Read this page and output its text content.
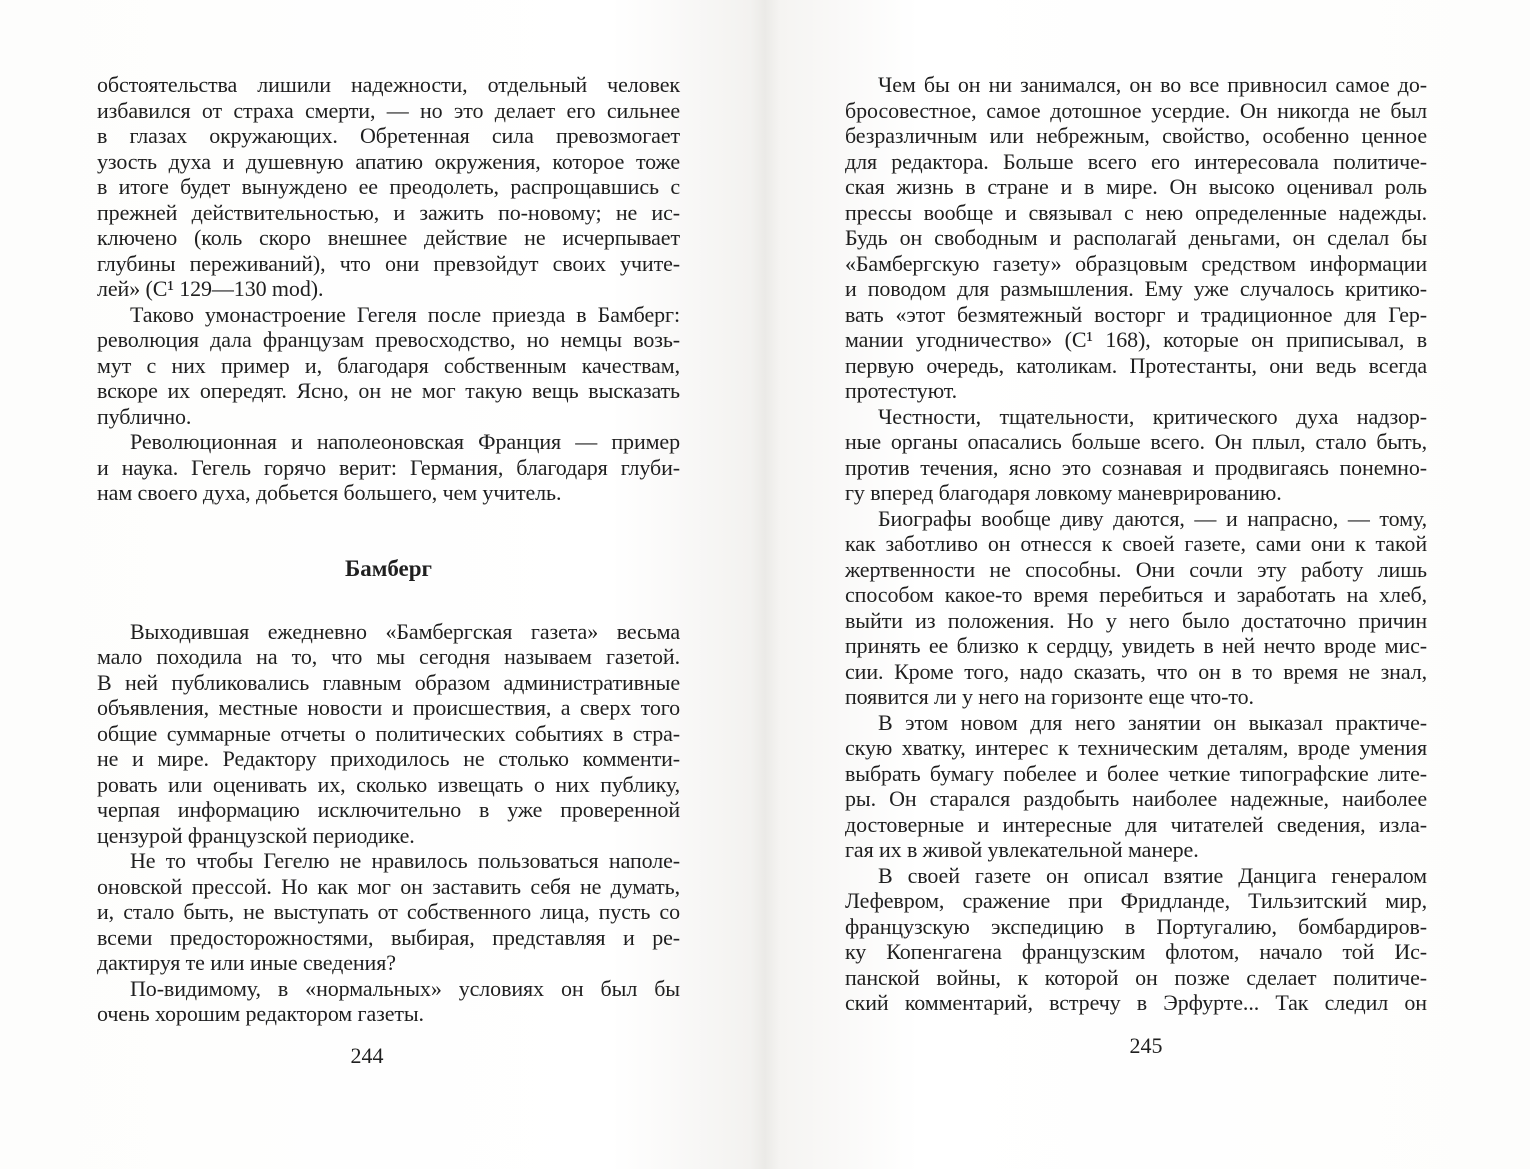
обстоятельства лишили надежности, отдельный человек
избавился от страха смерти, — но это делает его сильнее
в глазах окружающих. Обретенная сила превозмогает
узость духа и душевную апатию окружения, которое тоже
в итоге будет вынуждено ее преодолеть, распрощавшись с
прежней действительностью, и зажить по-новому; не ис-
ключено (коль скоро внешнее действие не исчерпывает
глубины переживаний), что они превзойдут своих учите-
лей» (C¹ 129—130 mod).
Таково умонастроение Гегеля после приезда в Бамберг:
революция дала французам превосходство, но немцы возь-
мут с них пример и, благодаря собственным качествам,
вскоре их опередят. Ясно, он не мог такую вещь высказать
публично.
Революционная и наполеоновская Франция — пример
и наука. Гегель горячо верит: Германия, благодаря глуби-
нам своего духа, добьется большего, чем учитель.
Бамберг
Выходившая ежедневно «Бамбергская газета» весьма
мало походила на то, что мы сегодня называем газетой.
В ней публиковались главным образом административные
объявления, местные новости и происшествия, а сверх того
общие суммарные отчеты о политических событиях в стра-
не и мире. Редактору приходилось не столько комменти-
ровать или оценивать их, сколько извещать о них публику,
черпая информацию исключительно в уже проверенной
цензурой французской периодике.
Не то чтобы Гегелю не нравилось пользоваться наполе-
оновской прессой. Но как мог он заставить себя не думать,
и, стало быть, не выступать от собственного лица, пусть со
всеми предосторожностями, выбирая, представляя и ре-
дактируя те или иные сведения?
По-видимому, в «нормальных» условиях он был бы
очень хорошим редактором газеты.
244
Чем бы он ни занимался, он во все привносил самое до-
бросовестное, самое дотошное усердие. Он никогда не был
безразличным или небрежным, свойство, особенно ценное
для редактора. Больше всего его интересовала политиче-
ская жизнь в стране и в мире. Он высоко оценивал роль
прессы вообще и связывал с нею определенные надежды.
Будь он свободным и располагай деньгами, он сделал бы
«Бамбергскую газету» образцовым средством информации
и поводом для размышления. Ему уже случалось критико-
вать «этот безмятежный восторг и традиционное для Гер-
мании угодничество» (C¹ 168), которые он приписывал, в
первую очередь, католикам. Протестанты, они ведь всегда
протестуют.
Честности, тщательности, критического духа надзор-
ные органы опасались больше всего. Он плыл, стало быть,
против течения, ясно это сознавая и продвигаясь понемно-
гу вперед благодаря ловкому маневрированию.
Биографы вообще диву даются, — и напрасно, — тому,
как заботливо он отнесся к своей газете, сами они к такой
жертвенности не способны. Они сочли эту работу лишь
способом какое-то время перебиться и заработать на хлеб,
выйти из положения. Но у него было достаточно причин
принять ее близко к сердцу, увидеть в ней нечто вроде мис-
сии. Кроме того, надо сказать, что он в то время не знал,
появится ли у него на горизонте еще что-то.
В этом новом для него занятии он выказал практиче-
скую хватку, интерес к техническим деталям, вроде умения
выбрать бумагу побелее и более четкие типографские лите-
ры. Он старался раздобыть наиболее надежные, наиболее
достоверные и интересные для читателей сведения, изла-
гая их в живой увлекательной манере.
В своей газете он описал взятие Данцига генералом
Лефевром, сражение при Фридланде, Тильзитский мир,
французскую экспедицию в Португалию, бомбардиров-
ку Копенгагена французским флотом, начало той Ис-
панской войны, к которой он позже сделает политиче-
ский комментарий, встречу в Эрфурте... Так следил он
245
